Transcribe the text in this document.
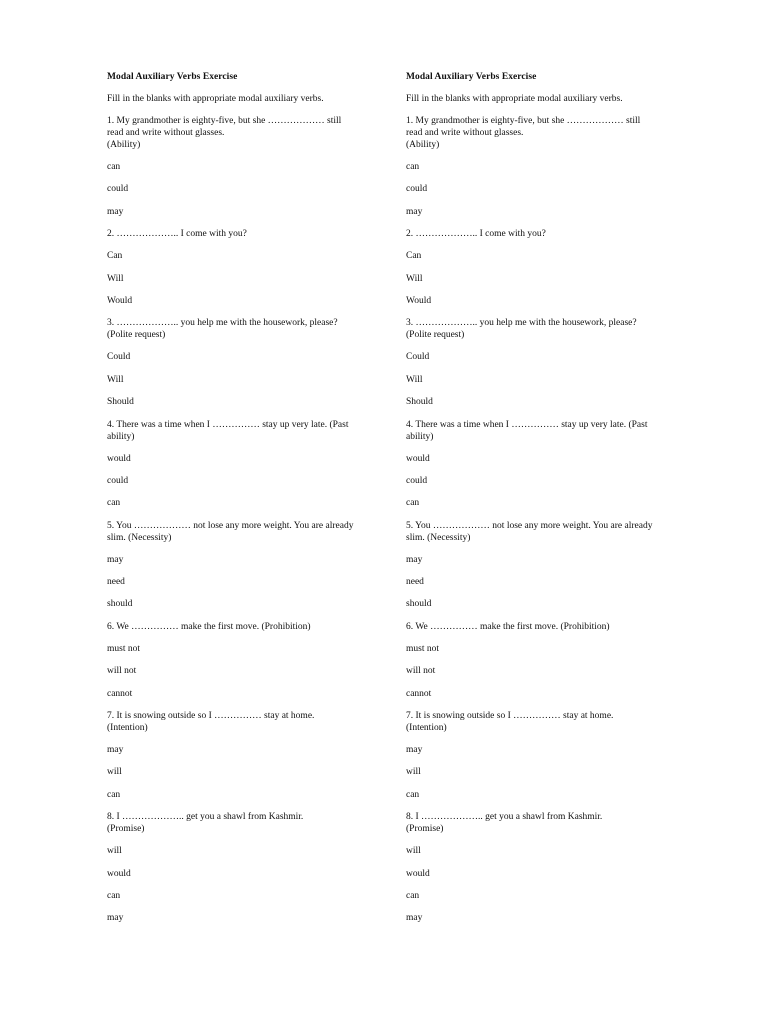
Modal Auxiliary Verbs Exercise
Fill in the blanks with appropriate modal auxiliary verbs.
1. My grandmother is eighty-five, but she ……………… still read and write without glasses.
(Ability)
can
could
may
2. ……………….. I come with you?
Can
Will
Would
3. ……………….. you help me with the housework, please? (Polite request)
Could
Will
Should
4. There was a time when I …………… stay up very late. (Past ability)
would
could
can
5. You ……………… not lose any more weight. You are already slim. (Necessity)
may
need
should
6. We …………… make the first move. (Prohibition)
must not
will not
cannot
7. It is snowing outside so I …………… stay at home.
(Intention)
may
will
can
8. I ……………….. get you a shawl from Kashmir.
(Promise)
will
would
can
may
Modal Auxiliary Verbs Exercise
Fill in the blanks with appropriate modal auxiliary verbs.
1. My grandmother is eighty-five, but she ……………… still read and write without glasses.
(Ability)
can
could
may
2. ……………….. I come with you?
Can
Will
Would
3. ……………….. you help me with the housework, please? (Polite request)
Could
Will
Should
4. There was a time when I …………… stay up very late. (Past ability)
would
could
can
5. You ……………… not lose any more weight. You are already slim. (Necessity)
may
need
should
6. We …………… make the first move. (Prohibition)
must not
will not
cannot
7. It is snowing outside so I …………… stay at home.
(Intention)
may
will
can
8. I ……………….. get you a shawl from Kashmir.
(Promise)
will
would
can
may
